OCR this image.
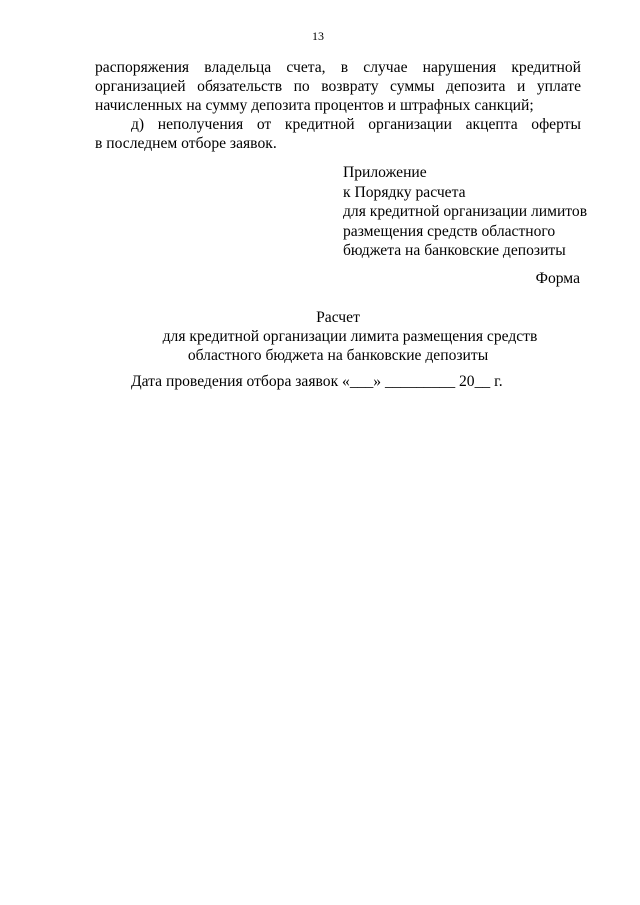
13
распоряжения владельца счета, в случае нарушения кредитной
организацией обязательств по возврату суммы депозита и уплате
начисленных на сумму депозита процентов и штрафных санкций;
д) неполучения от кредитной организации акцепта оферты
в последнем отборе заявок.
Приложение
к Порядку расчета
для кредитной организации лимитов
размещения средств областного
бюджета на банковские депозиты
Форма
Расчет
для кредитной организации лимита размещения средств
областного бюджета на банковские депозиты
Дата проведения отбора заявок «___» _________ 20__ г.
